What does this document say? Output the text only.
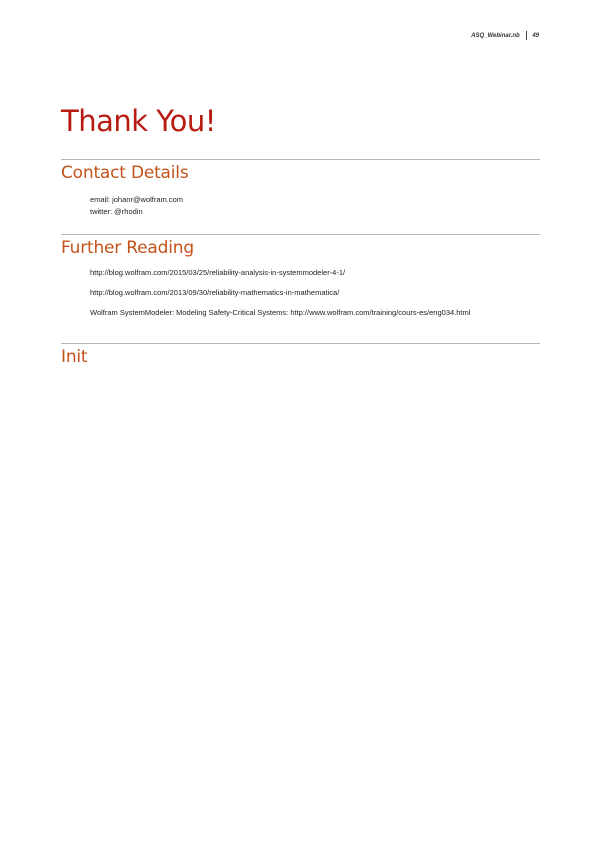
ASQ_Webinar.nb 49
Thank You!
Contact Details
email: johanr@wolfram.com
twitter: @rhodin
Further Reading
http://blog.wolfram.com/2015/03/25/reliability-analysis-in-systemmodeler-4-1/
http://blog.wolfram.com/2013/09/30/reliability-mathematics-in-mathematica/
Wolfram SystemModeler: Modeling Safety-Critical Systems: http://www.wolfram.com/training/cours-es/eng034.html
Init
